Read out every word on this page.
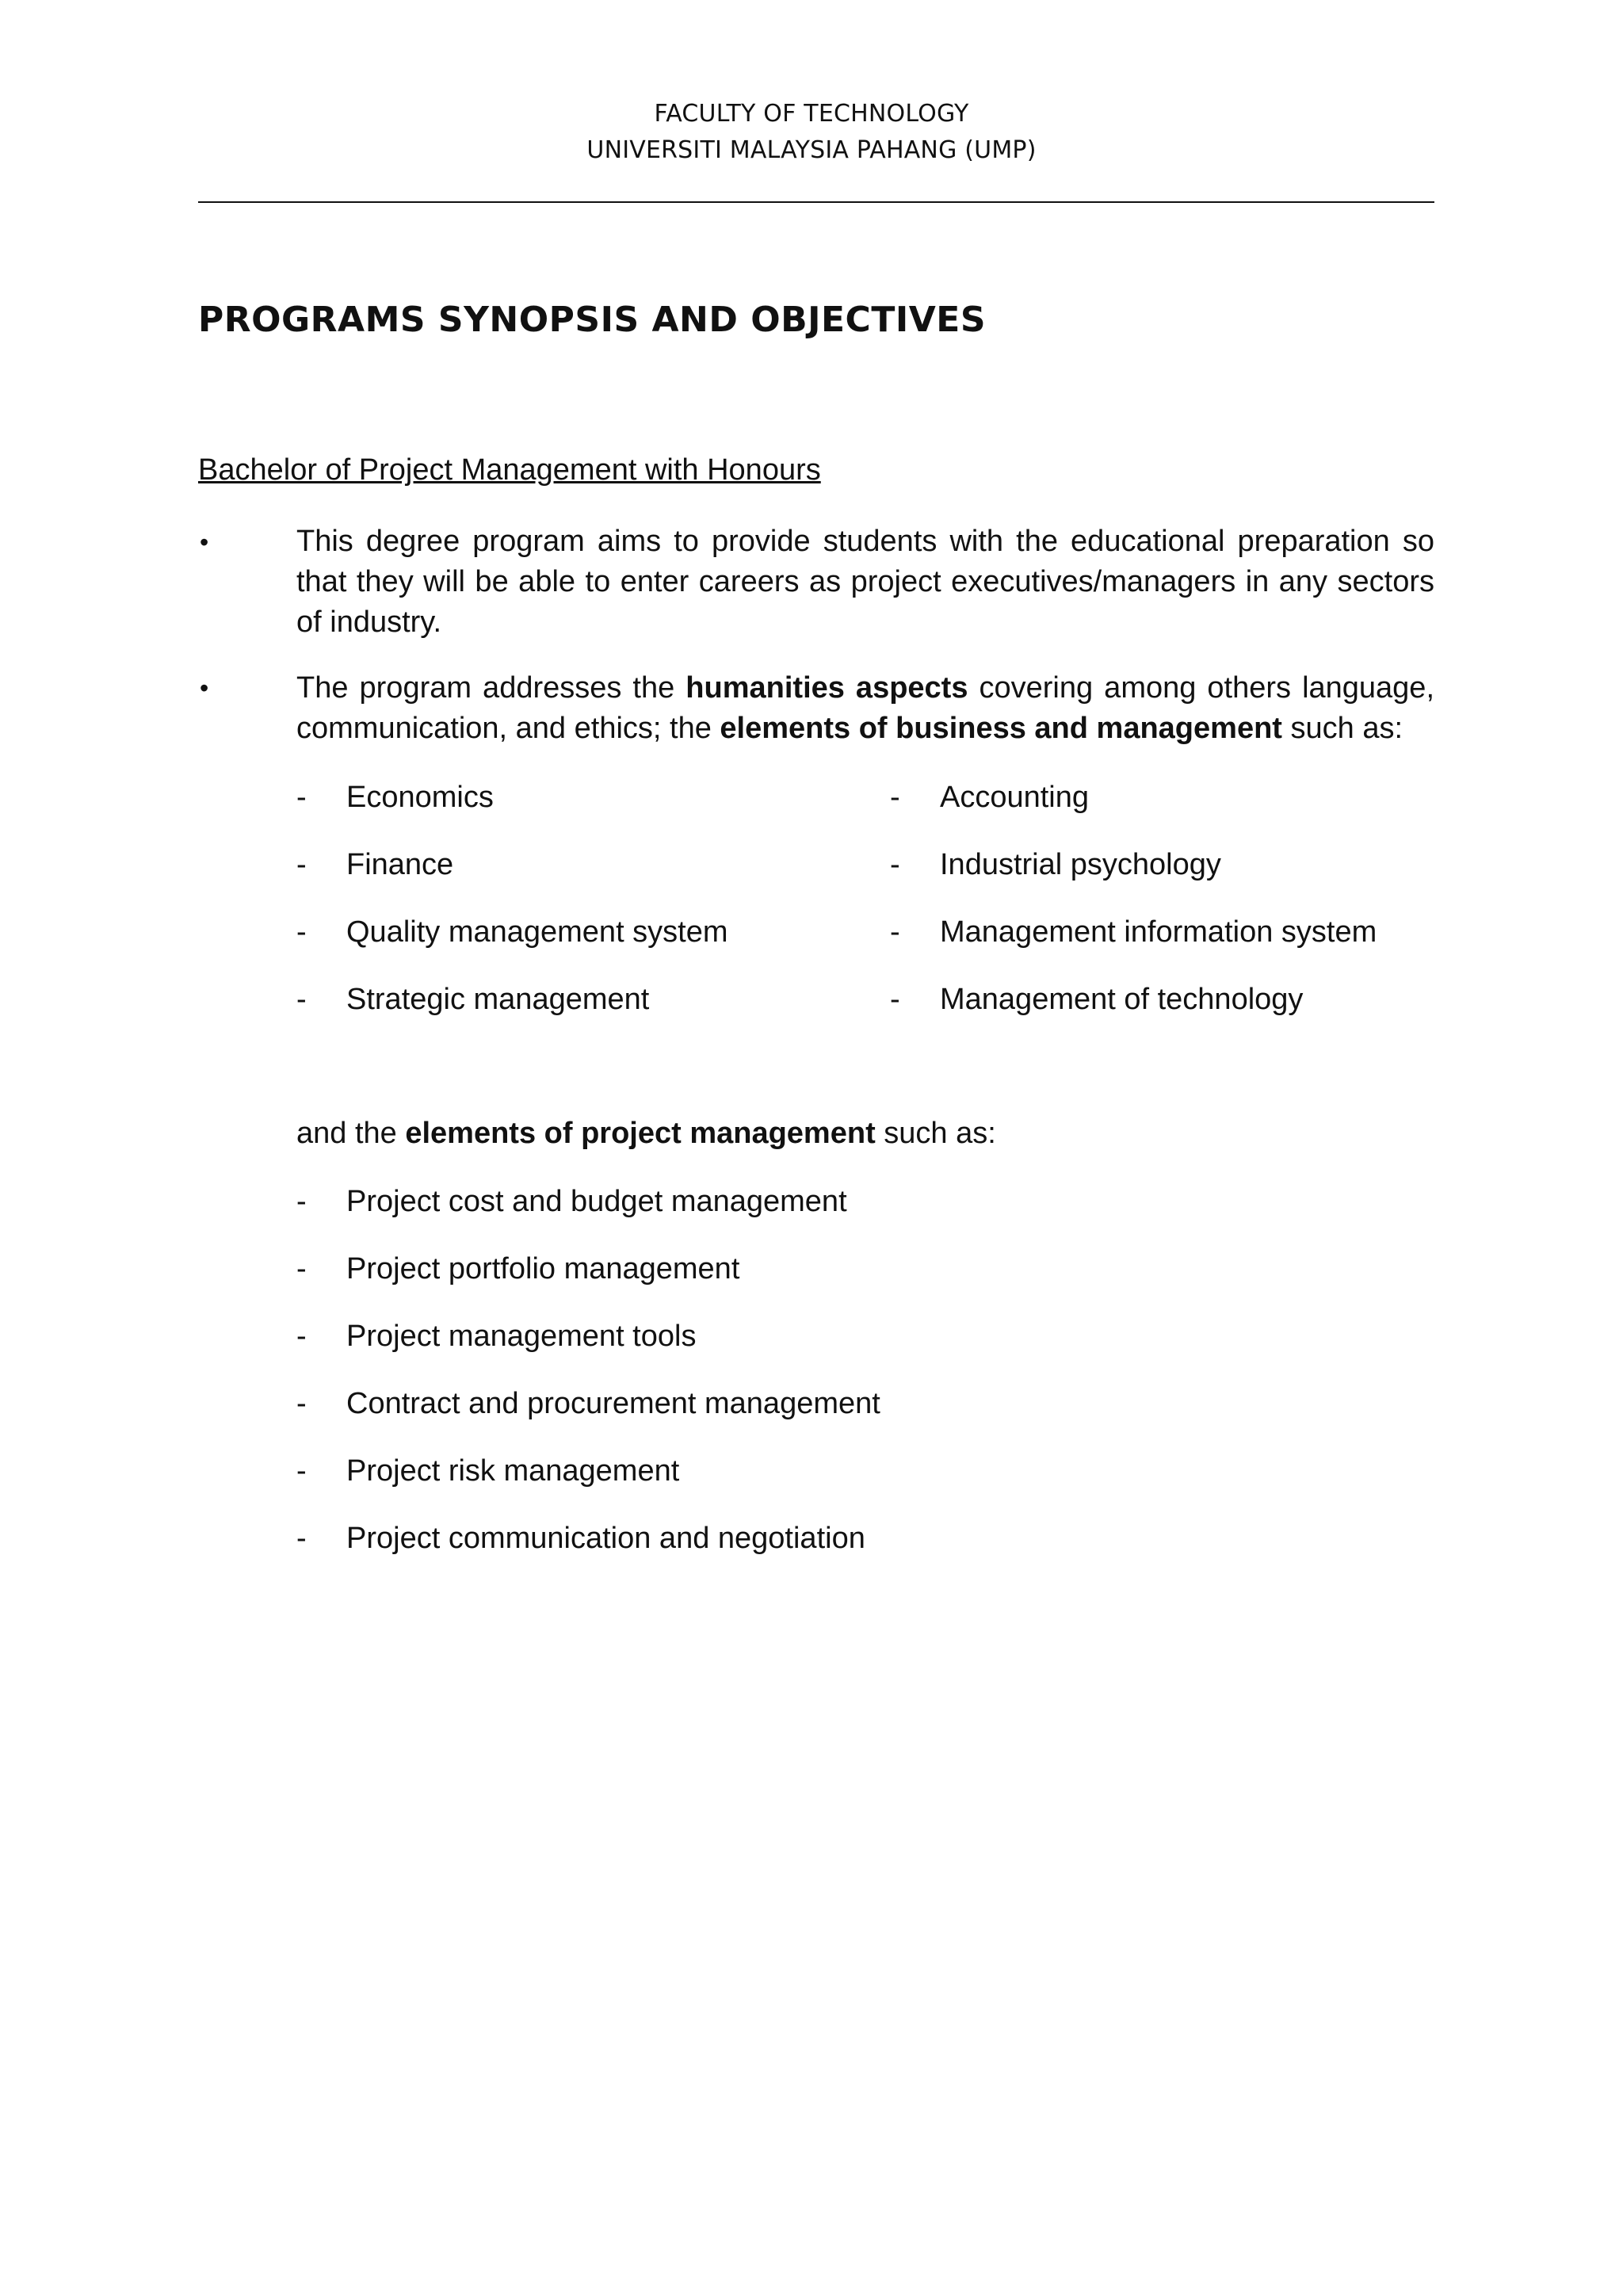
FACULTY OF TECHNOLOGY
UNIVERSITI MALAYSIA PAHANG (UMP)
PROGRAMS SYNOPSIS AND OBJECTIVES
Bachelor of Project Management with Honours
•	This degree program aims to provide students with the educational preparation so that they will be able to enter careers as project executives/managers in any sectors of industry.

•	The program addresses the humanities aspects covering among others language, communication, and ethics; the elements of business and management such as:

- Economics
- Finance
- Quality management system
- Strategic management
- Accounting
- Industrial psychology
- Management information system
- Management of technology

and the elements of project management such as:

- Project cost and budget management
- Project portfolio management
- Project management tools
- Contract and procurement management
- Project risk management
- Project communication and negotiation
